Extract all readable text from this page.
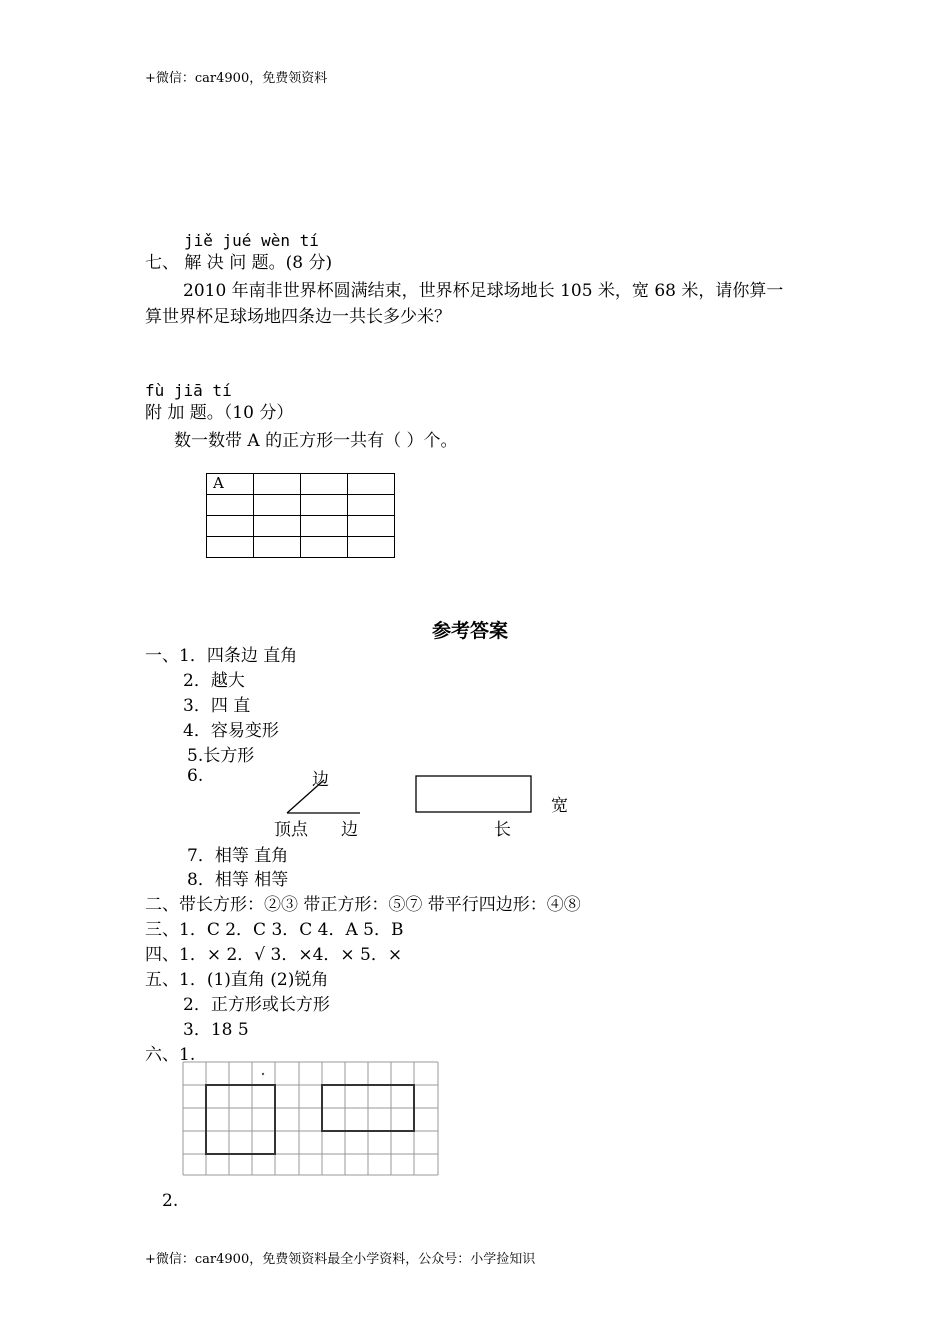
+微信：car4900，免费领资料
jiě jué wèn tí
七、 解 决 问 题。(8 分)
2010 年南非世界杯圆满结束，世界杯足球场地长 105 米，宽 68 米，请你算一
算世界杯足球场地四条边一共长多少米？
fù jiā tí
附 加 题。（10 分）
数一数带 A 的正方形一共有（ ）个。
A			

参考答案
一、1．四条边 直角
2．越大
3．四 直
4．容易变形
5.长方形
6.	边
顶点 边
宽
长
7．相等 直角
8．相等 相等
二、带长方形：②③ 带正方形：⑤⑦ 带平行四边形：④⑧
三、1．C 2．C 3．C 4．A 5．B
四、1．× 2．√ 3．×4．× 5．×
五、1．(1)直角 (2)锐角
2．正方形或长方形
3．18 5
六、1.
2.
+微信：car4900，免费领资料最全小学资料，公众号：小学捡知识
